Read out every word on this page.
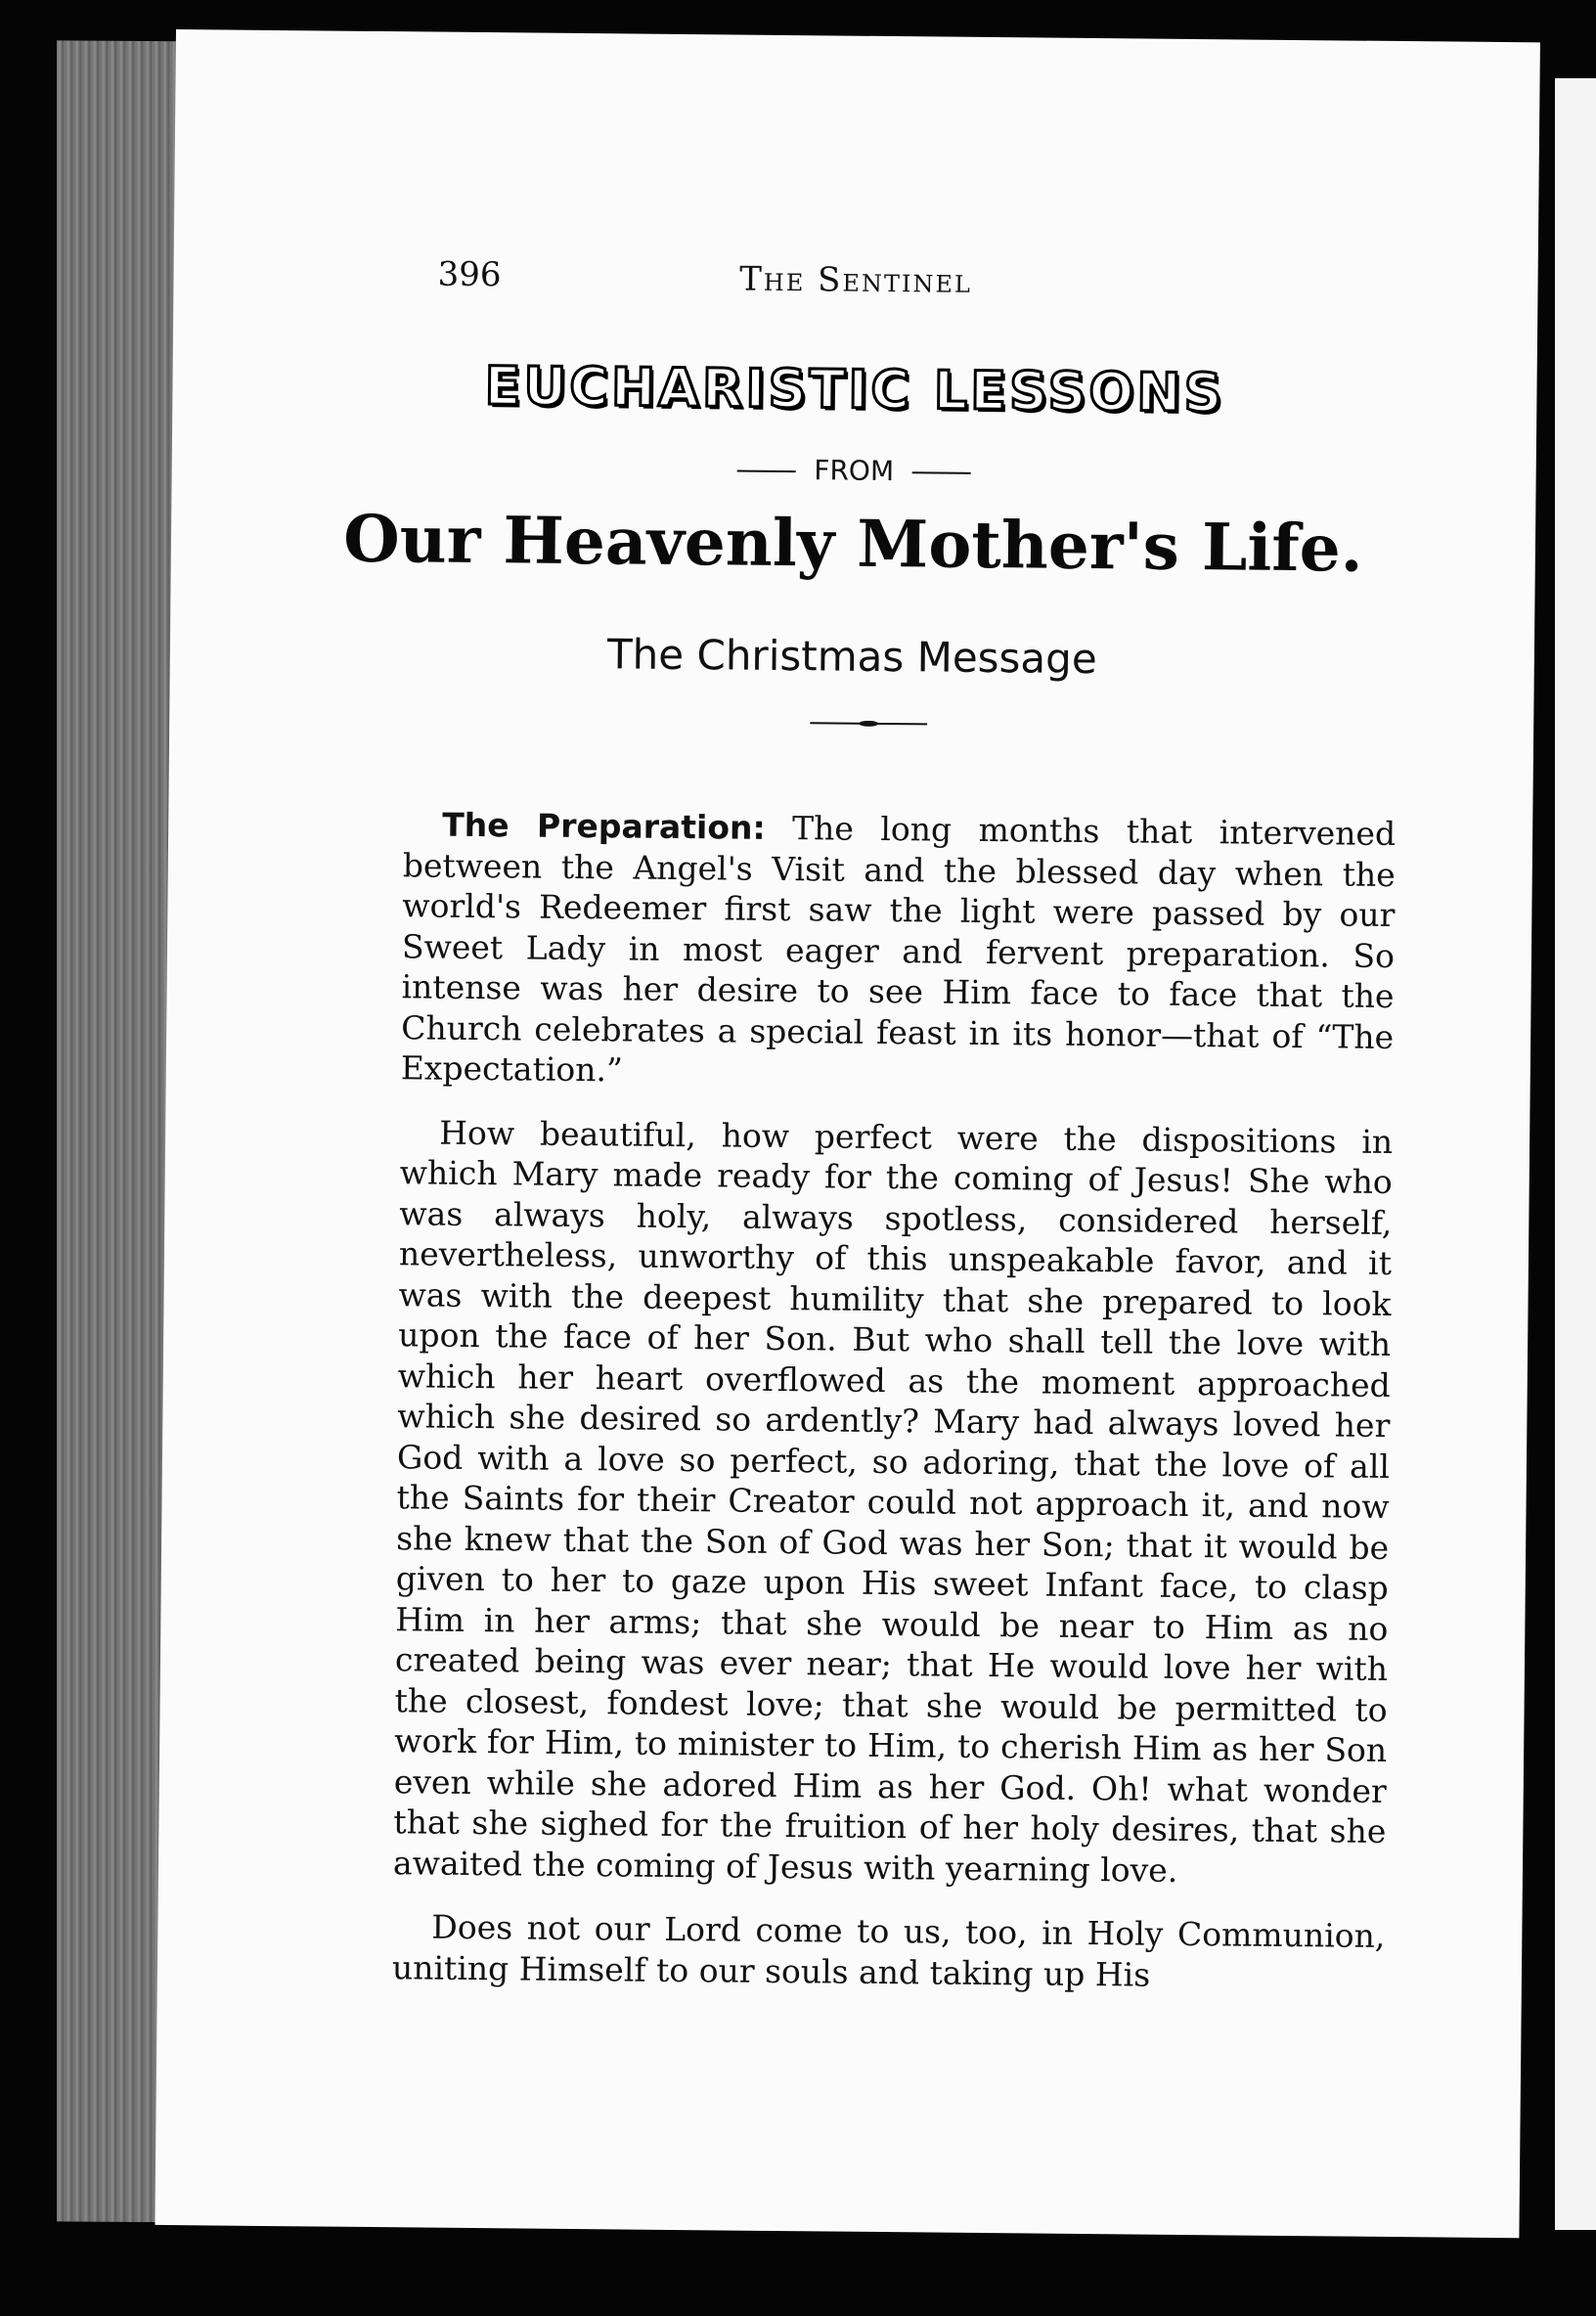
396	The Sentinel
EUCHARISTIC LESSONS
FROM
Our Heavenly Mother's Life.
The Christmas Message

The Preparation: The long months that intervened between the Angel's Visit and the blessed day when the world's Redeemer first saw the light were passed by our Sweet Lady in most eager and fervent preparation. So intense was her desire to see Him face to face that the Church celebrates a special feast in its honor—that of “The Expectation.”

How beautiful, how perfect were the dispositions in which Mary made ready for the coming of Jesus! She who was always holy, always spotless, considered herself, nevertheless, unworthy of this unspeakable favor, and it was with the deepest humility that she prepared to look upon the face of her Son. But who shall tell the love with which her heart overflowed as the moment approached which she desired so ardently? Mary had always loved her God with a love so perfect, so adoring, that the love of all the Saints for their Creator could not approach it, and now she knew that the Son of God was her Son; that it would be given to her to gaze upon His sweet Infant face, to clasp Him in her arms; that she would be near to Him as no created being was ever near; that He would love her with the closest, fondest love; that she would be permitted to work for Him, to minister to Him, to cherish Him as her Son even while she adored Him as her God. Oh! what wonder that she sighed for the fruition of her holy desires, that she awaited the coming of Jesus with yearning love.

Does not our Lord come to us, too, in Holy Communion, uniting Himself to our souls and taking up His
